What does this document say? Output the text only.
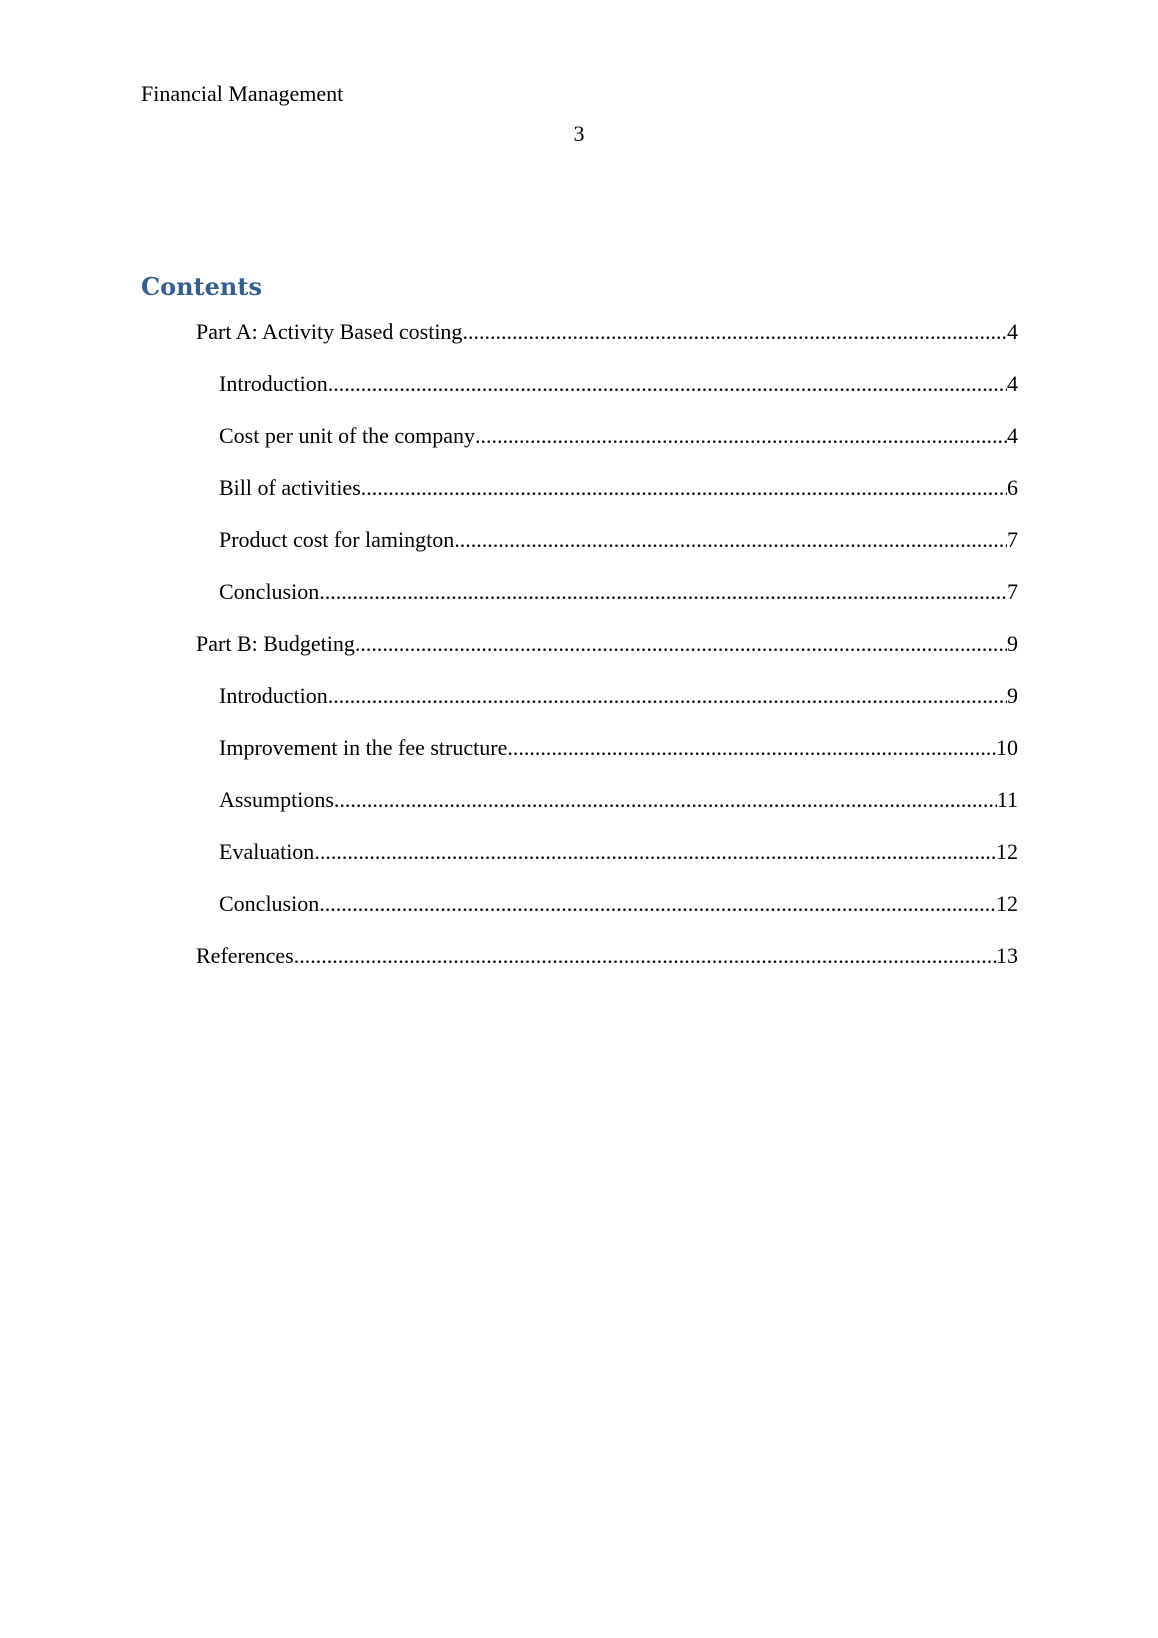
Financial Management
3
Contents
Part A: Activity Based costing .....	4
Introduction .....	4
Cost per unit of the company .....	4
Bill of activities .....	6
Product cost for lamington .....	7
Conclusion .....	7
Part B: Budgeting .....	9
Introduction .....	9
Improvement in the fee structure .....	10
Assumptions .....	11
Evaluation .....	12
Conclusion .....	12
References .....	13
